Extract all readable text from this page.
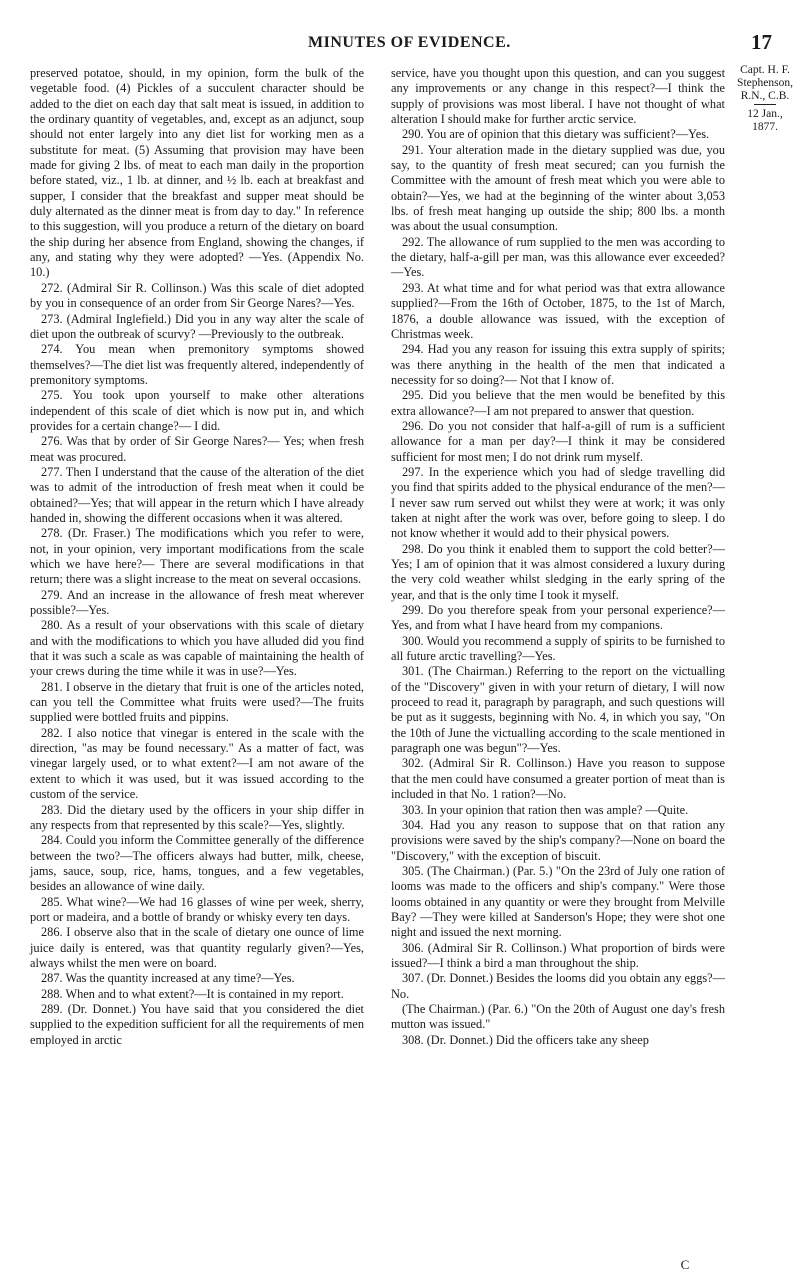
MINUTES OF EVIDENCE.	17

preserved potatoe, should, in my opinion, form the bulk of the vegetable food. (4) Pickles of a succulent character should be added to the diet on each day that salt meat is issued, in addition to the ordinary quantity of vegetables, and, except as an adjunct, soup should not enter largely into any diet list for working men as a substitute for meat. (5) Assuming that provision may have been made for giving 2 lbs. of meat to each man daily in the proportion before stated, viz., 1 lb. at dinner, and ½ lb. each at breakfast and supper, I consider that the breakfast and supper meat should be duly alternated as the dinner meat is from day to day." In reference to this suggestion, will you produce a return of the dietary on board the ship during her absence from England, showing the changes, if any, and stating why they were adopted? —Yes. (Appendix No. 10.)

272. (Admiral Sir R. Collinson.) Was this scale of diet adopted by you in consequence of an order from Sir George Nares?—Yes.

273. (Admiral Inglefield.) Did you in any way alter the scale of diet upon the outbreak of scurvy? —Previously to the outbreak.

274. You mean when premonitory symptoms showed themselves?—The diet list was frequently altered, independently of premonitory symptoms.

275. You took upon yourself to make other alterations independent of this scale of diet which is now put in, and which provides for a certain change?— I did.

276. Was that by order of Sir George Nares?— Yes; when fresh meat was procured.

277. Then I understand that the cause of the alteration of the diet was to admit of the introduction of fresh meat when it could be obtained?—Yes; that will appear in the return which I have already handed in, showing the different occasions when it was altered.

278. (Dr. Fraser.) The modifications which you refer to were, not, in your opinion, very important modifications from the scale which we have here?— There are several modifications in that return; there was a slight increase to the meat on several occasions.

279. And an increase in the allowance of fresh meat wherever possible?—Yes.

280. As a result of your observations with this scale of dietary and with the modifications to which you have alluded did you find that it was such a scale as was capable of maintaining the health of your crews during the time while it was in use?—Yes.

281. I observe in the dietary that fruit is one of the articles noted, can you tell the Committee what fruits were used?—The fruits supplied were bottled fruits and pippins.

282. I also notice that vinegar is entered in the scale with the direction, "as may be found necessary." As a matter of fact, was vinegar largely used, or to what extent?—I am not aware of the extent to which it was used, but it was issued according to the custom of the service.

283. Did the dietary used by the officers in your ship differ in any respects from that represented by this scale?—Yes, slightly.

284. Could you inform the Committee generally of the difference between the two?—The officers always had butter, milk, cheese, jams, sauce, soup, rice, hams, tongues, and a few vegetables, besides an allowance of wine daily.

285. What wine?—We had 16 glasses of wine per week, sherry, port or madeira, and a bottle of brandy or whisky every ten days.

286. I observe also that in the scale of dietary one ounce of lime juice daily is entered, was that quantity regularly given?—Yes, always whilst the men were on board.

287. Was the quantity increased at any time?—Yes.

288. When and to what extent?—It is contained in my report.

289. (Dr. Donnet.) You have said that you considered the diet supplied to the expedition sufficient for all the requirements of men employed in arctic

service, have you thought upon this question, and can you suggest any improvements or any change in this respect?—I think the supply of provisions was most liberal. I have not thought of what alteration I should make for further arctic service.

290. You are of opinion that this dietary was sufficient?—Yes.

291. Your alteration made in the dietary supplied was due, you say, to the quantity of fresh meat secured; can you furnish the Committee with the amount of fresh meat which you were able to obtain?—Yes, we had at the beginning of the winter about 3,053 lbs. of fresh meat hanging up outside the ship; 800 lbs. a month was about the usual consumption.

292. The allowance of rum supplied to the men was according to the dietary, half-a-gill per man, was this allowance ever exceeded?—Yes.

293. At what time and for what period was that extra allowance supplied?—From the 16th of October, 1875, to the 1st of March, 1876, a double allowance was issued, with the exception of Christmas week.

294. Had you any reason for issuing this extra supply of spirits; was there anything in the health of the men that indicated a necessity for so doing?— Not that I know of.

295. Did you believe that the men would be benefited by this extra allowance?—I am not prepared to answer that question.

296. Do you not consider that half-a-gill of rum is a sufficient allowance for a man per day?—I think it may be considered sufficient for most men; I do not drink rum myself.

297. In the experience which you had of sledge travelling did you find that spirits added to the physical endurance of the men?—I never saw rum served out whilst they were at work; it was only taken at night after the work was over, before going to sleep. I do not know whether it would add to their physical powers.

298. Do you think it enabled them to support the cold better?—Yes; I am of opinion that it was almost considered a luxury during the very cold weather whilst sledging in the early spring of the year, and that is the only time I took it myself.

299. Do you therefore speak from your personal experience?—Yes, and from what I have heard from my companions.

300. Would you recommend a supply of spirits to be furnished to all future arctic travelling?—Yes.

301. (The Chairman.) Referring to the report on the victualling of the "Discovery" given in with your return of dietary, I will now proceed to read it, paragraph by paragraph, and such questions will be put as it suggests, beginning with No. 4, in which you say, "On the 10th of June the victualling according to the scale mentioned in paragraph one was begun"?—Yes.

302. (Admiral Sir R. Collinson.) Have you reason to suppose that the men could have consumed a greater portion of meat than is included in that No. 1 ration?—No.

303. In your opinion that ration then was ample? —Quite.

304. Had you any reason to suppose that on that ration any provisions were saved by the ship's company?—None on board the "Discovery," with the exception of biscuit.

305. (The Chairman.) (Par. 5.) "On the 23rd of July one ration of looms was made to the officers and ship's company." Were those looms obtained in any quantity or were they brought from Melville Bay? —They were killed at Sanderson's Hope; they were shot one night and issued the next morning.

306. (Admiral Sir R. Collinson.) What proportion of birds were issued?—I think a bird a man throughout the ship.

307. (Dr. Donnet.) Besides the looms did you obtain any eggs?—No.

(The Chairman.) (Par. 6.) "On the 20th of August one day's fresh mutton was issued."

308. (Dr. Donnet.) Did the officers take any sheep

Capt. H. F. Stephenson, R.N., C.B.
12 Jan., 1877.
C
